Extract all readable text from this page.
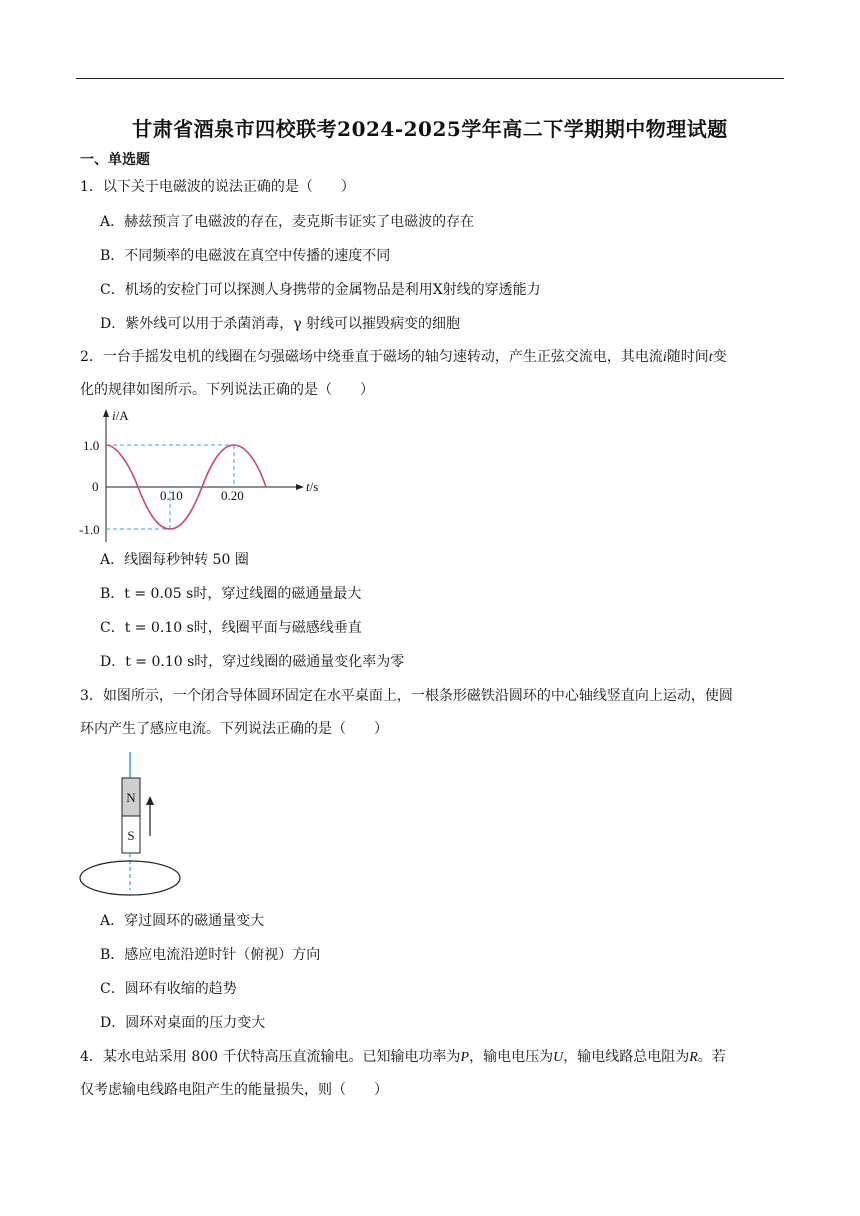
甘肃省酒泉市四校联考2024-2025学年高二下学期期中物理试题
一、单选题
1．以下关于电磁波的说法正确的是（　　）
A．赫兹预言了电磁波的存在，麦克斯韦证实了电磁波的存在
B．不同频率的电磁波在真空中传播的速度不同
C．机场的安检门可以探测人身携带的金属物品是利用X射线的穿透能力
D．紫外线可以用于杀菌消毒，γ 射线可以摧毁病变的细胞
2．一台手摇发电机的线圈在匀强磁场中绕垂直于磁场的轴匀速转动，产生正弦交流电，其电流i随时间t变
化的规律如图所示。下列说法正确的是（　　）
i/A
t/s
1.0
0
-1.0
0.10	0.20
A．线圈每秒钟转 50 圈
B．t = 0.05 s时，穿过线圈的磁通量最大
C．t = 0.10 s时，线圈平面与磁感线垂直
D．t = 0.10 s时，穿过线圈的磁通量变化率为零
3．如图所示，一个闭合导体圆环固定在水平桌面上，一根条形磁铁沿圆环的中心轴线竖直向上运动，使圆
环内产生了感应电流。下列说法正确的是（　　）
N
S
A．穿过圆环的磁通量变大
B．感应电流沿逆时针（俯视）方向
C．圆环有收缩的趋势
D．圆环对桌面的压力变大
4．某水电站采用 800 千伏特高压直流输电。已知输电功率为P，输电电压为U，输电线路总电阻为R。若
仅考虑输电线路电阻产生的能量损失，则（　　）
